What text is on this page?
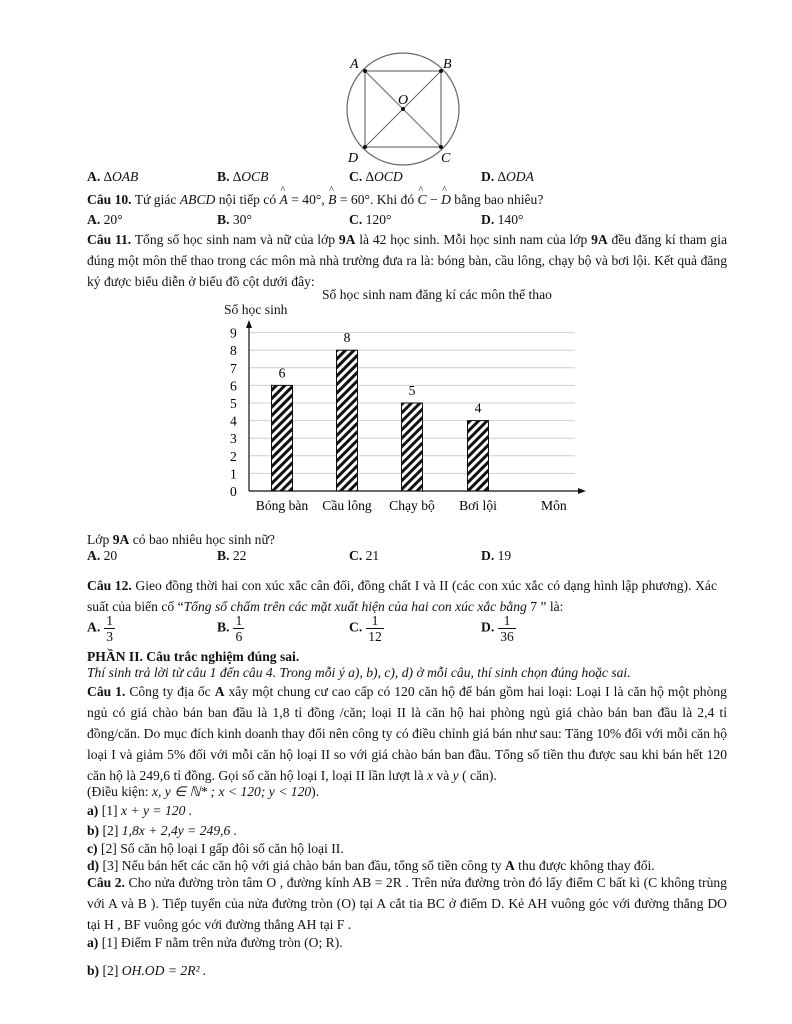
A	B
O
D	C
A. ∆OAB	B. ∆OCB	C. ∆OCD	D. ∆ODA
Câu 10. Tứ giác ABCD nội tiếp có ^ A = 40°, ^ B = 60°. Khi đó ^ C − ^ D bằng bao nhiêu?
A. 20°	B. 30°	C. 120°	D. 140°
Câu 11. Tổng số học sinh nam và nữ của lớp 9A là 42 học sinh. Mỗi học sinh nam của lớp 9A đều đăng kí tham gia đúng một môn thể thao trong các môn mà nhà trường đưa ra là: bóng bàn, cầu lông, chạy bộ và bơi lội. Kết quả đăng ký được biểu diễn ở biểu đồ cột dưới đây:
Số học sinh nam đăng kí các môn thể thao
Số học sinh
6
8
5
4
0
1
2
3
4
5
6
7
8
9
Bóng bàn Cầu lông Chạy bộ Bơi lội	Môn
Lớp 9A có bao nhiêu học sinh nữ?
A. 20	B. 22	C. 21	D. 19
Câu 12. Gieo đồng thời hai con xúc xắc cân đối, đồng chất I và II (các con xúc xắc có dạng hình lập phương). Xác suất của biến cố “Tổng số chấm trên các mặt xuất hiện của hai con xúc xắc bằng 7 ” là:
A. $\frac{1}{3}$	B. $\frac{1}{6}$	C. $\frac{1}{12}$	D. $\frac{1}{36}$
PHẦN II. Câu trắc nghiệm đúng sai.
Thí sinh trả lời từ câu 1 đến câu 4. Trong mỗi ý a), b), c), d) ở mỗi câu, thí sinh chọn đúng hoặc sai.
Câu 1. Công ty địa ốc A xây một chung cư cao cấp có 120 căn hộ để bán gồm hai loại: Loại I là căn hộ một phòng ngủ có giá chào bán ban đầu là 1,8 tỉ đồng /căn; loại II là căn hộ hai phòng ngủ giá chào bán ban đầu là 2,4 tỉ đồng/căn. Do mục đích kinh doanh thay đổi nên công ty có điều chỉnh giá bán như sau: Tăng 10% đối với mỗi căn hộ loại I và giảm 5% đối với mỗi căn hộ loại II so với giá chào bán ban đầu. Tổng số tiền thu được sau khi bán hết 120 căn hộ là 249,6 tỉ đồng. Gọi số căn hộ loại I, loại II lần lượt là x và y ( căn).
(Điều kiện: x, y ∈ ℕ* ; x < 120; y < 120).
a) [1] x + y = 120 .
b) [2] 1,8x + 2,4y = 249,6 .
c) [2] Số căn hộ loại I gấp đôi số căn hộ loại II.
d) [3] Nếu bán hết các căn hộ với giá chào bán ban đầu, tổng số tiền công ty A thu được không thay đổi.
Câu 2. Cho nửa đường tròn tâm O , đường kính AB = 2R . Trên nửa đường tròn đó lấy điểm C bất kì (C không trùng với A và B ). Tiếp tuyến của nửa đường tròn (O) tại A cắt tia BC ở điểm D. Kẻ AH vuông góc với đường thẳng DO tại H , BF vuông góc với đường thẳng AH tại F .
a) [1] Điểm F nằm trên nửa đường tròn (O; R).
b) [2] OH.OD = 2R² .
